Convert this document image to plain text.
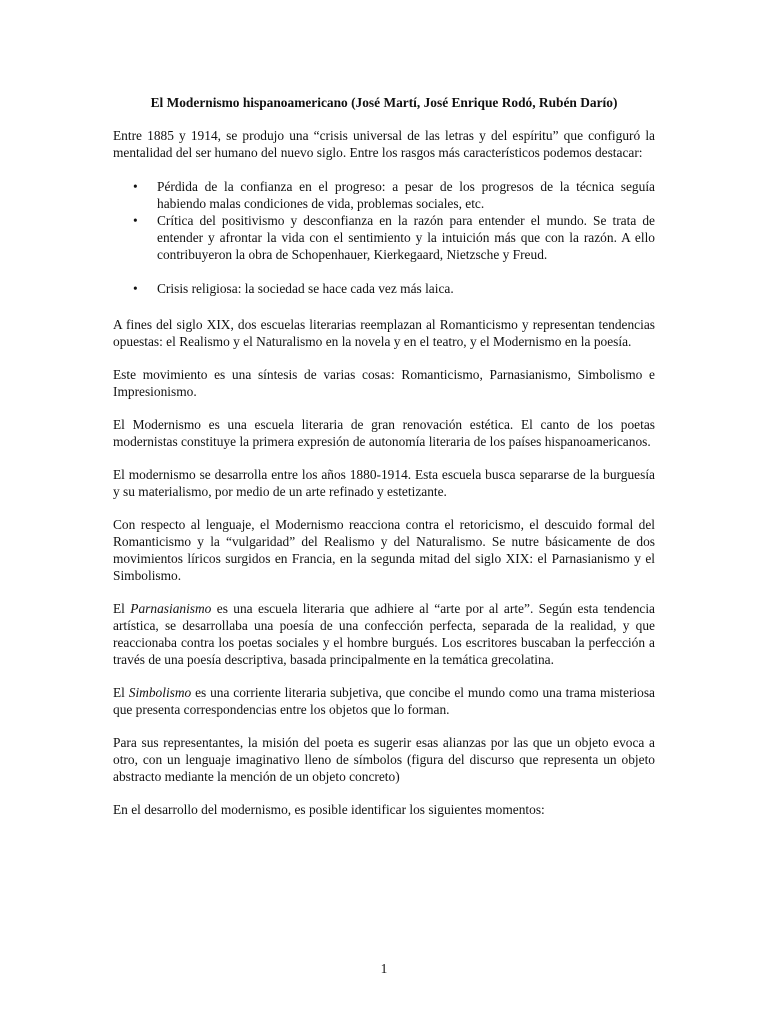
El Modernismo hispanoamericano (José Martí, José Enrique Rodó, Rubén Darío)

Entre 1885 y 1914, se produjo una “crisis universal de las letras y del espíritu” que configuró la mentalidad del ser humano del nuevo siglo. Entre los rasgos más característicos podemos destacar:

• Pérdida de la confianza en el progreso: a pesar de los progresos de la técnica seguía habiendo malas condiciones de vida, problemas sociales, etc.
• Crítica del positivismo y desconfianza en la razón para entender el mundo. Se trata de entender y afrontar la vida con el sentimiento y la intuición más que con la razón. A ello contribuyeron la obra de Schopenhauer, Kierkegaard, Nietzsche y Freud.
• Crisis religiosa: la sociedad se hace cada vez más laica.

A fines del siglo XIX, dos escuelas literarias reemplazan al Romanticismo y representan tendencias opuestas: el Realismo y el Naturalismo en la novela y en el teatro, y el Modernismo en la poesía.

Este movimiento es una síntesis de varias cosas: Romanticismo, Parnasianismo, Simbolismo e Impresionismo.

El Modernismo es una escuela literaria de gran renovación estética. El canto de los poetas modernistas constituye la primera expresión de autonomía literaria de los países hispanoamericanos.

El modernismo se desarrolla entre los años 1880-1914. Esta escuela busca separarse de la burguesía y su materialismo, por medio de un arte refinado y estetizante.

Con respecto al lenguaje, el Modernismo reacciona contra el retoricismo, el descuido formal del Romanticismo y la “vulgaridad” del Realismo y del Naturalismo. Se nutre básicamente de dos movimientos líricos surgidos en Francia, en la segunda mitad del siglo XIX: el Parnasianismo y el Simbolismo.

El Parnasianismo es una escuela literaria que adhiere al “arte por al arte”. Según esta tendencia artística, se desarrollaba una poesía de una confección perfecta, separada de la realidad, y que reaccionaba contra los poetas sociales y el hombre burgués. Los escritores buscaban la perfección a través de una poesía descriptiva, basada principalmente en la temática grecolatina.

El Simbolismo es una corriente literaria subjetiva, que concibe el mundo como una trama misteriosa que presenta correspondencias entre los objetos que lo forman.

Para sus representantes, la misión del poeta es sugerir esas alianzas por las que un objeto evoca a otro, con un lenguaje imaginativo lleno de símbolos (figura del discurso que representa un objeto abstracto mediante la mención de un objeto concreto)

En el desarrollo del modernismo, es posible identificar los siguientes momentos:

1
